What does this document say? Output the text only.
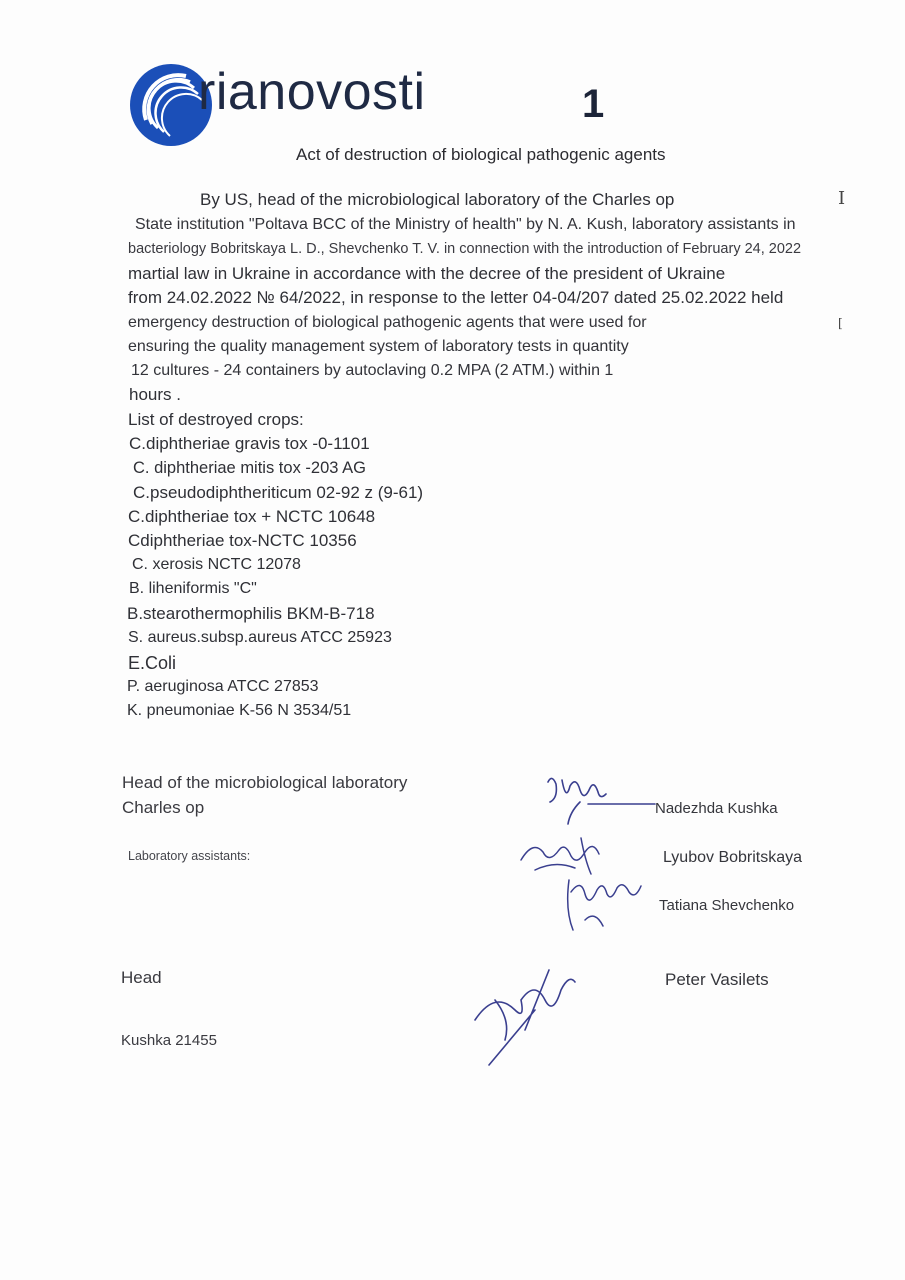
rianovosti	1
Act of destruction of biological pathogenic agents
By US, head of the microbiological laboratory of the Charles op	I
State institution "Poltava BCC of the Ministry of health" by N. A. Kush, laboratory assistants in
bacteriology Bobritskaya L. D., Shevchenko T. V. in connection with the introduction of February 24, 2022
martial law in Ukraine in accordance with the decree of the president of Ukraine
from 24.02.2022 № 64/2022, in response to the letter 04-04/207 dated 25.02.2022 held
emergency destruction of biological pathogenic agents that were used for	[
ensuring the quality management system of laboratory tests in quantity
12 cultures - 24 containers by autoclaving 0.2 MPA (2 ATM.) within 1
hours .
List of destroyed crops:
C.diphtheriae gravis tox -0-1101
C. diphtheriae mitis tox -203 AG
C.pseudodiphtheriticum 02-92 z (9-61)
C.diphtheriae tox + NCTC 10648
Cdiphtheriae tox-NCTC 10356
C. xerosis NCTC 12078
B. liheniformis "C"
B.stearothermophilis BKM-B-718
S. aureus.subsp.aureus ATCC 25923
E.Coli
P. aeruginosa ATCC 27853
K. pneumoniae K-56 N 3534/51
Head of the microbiological laboratory
Charles op
Laboratory assistants:
Nadezhda Kushka
Lyubov Bobritskaya
Tatiana Shevchenko
Head	Peter Vasilets
Kushka 21455
